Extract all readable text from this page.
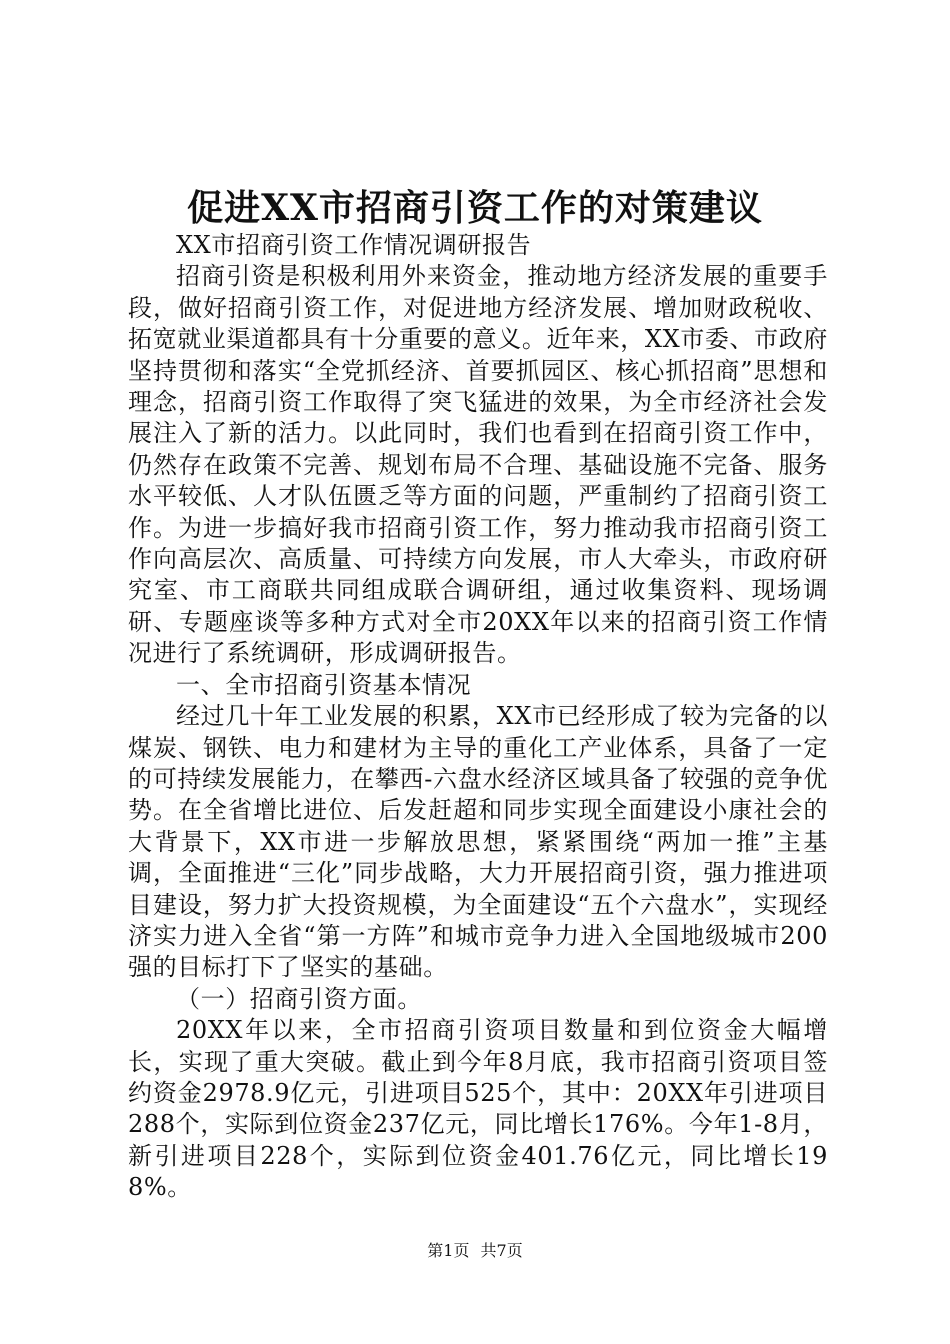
促进XX市招商引资工作的对策建议

XX市招商引资工作情况调研报告

招商引资是积极利用外来资金，推动地方经济发展的重要手段，做好招商引资工作，对促进地方经济发展、增加财政税收、拓宽就业渠道都具有十分重要的意义。近年来，XX市委、市政府坚持贯彻和落实“全党抓经济、首要抓园区、核心抓招商”思想和理念，招商引资工作取得了突飞猛进的效果，为全市经济社会发展注入了新的活力。以此同时，我们也看到在招商引资工作中，仍然存在政策不完善、规划布局不合理、基础设施不完备、服务水平较低、人才队伍匮乏等方面的问题，严重制约了招商引资工作。为进一步搞好我市招商引资工作，努力推动我市招商引资工作向高层次、高质量、可持续方向发展，市人大牵头，市政府研究室、市工商联共同组成联合调研组，通过收集资料、现场调研、专题座谈等多种方式对全市20XX年以来的招商引资工作情况进行了系统调研，形成调研报告。

一、全市招商引资基本情况

经过几十年工业发展的积累，XX市已经形成了较为完备的以煤炭、钢铁、电力和建材为主导的重化工产业体系，具备了一定的可持续发展能力，在攀西-六盘水经济区域具备了较强的竞争优势。在全省增比进位、后发赶超和同步实现全面建设小康社会的大背景下，XX市进一步解放思想，紧紧围绕“两加一推”主基调，全面推进“三化”同步战略，大力开展招商引资，强力推进项目建设，努力扩大投资规模，为全面建设“五个六盘水”，实现经济实力进入全省“第一方阵”和城市竞争力进入全国地级城市200强的目标打下了坚实的基础。

（一）招商引资方面。

20XX年以来，全市招商引资项目数量和到位资金大幅增长，实现了重大突破。截止到今年8月底，我市招商引资项目签约资金2978.9亿元，引进项目525个，其中：20XX年引进项目288个，实际到位资金237亿元，同比增长176%。今年1-8月，新引进项目228个，实际到位资金401.76亿元，同比增长198%。

第1页 共7页
